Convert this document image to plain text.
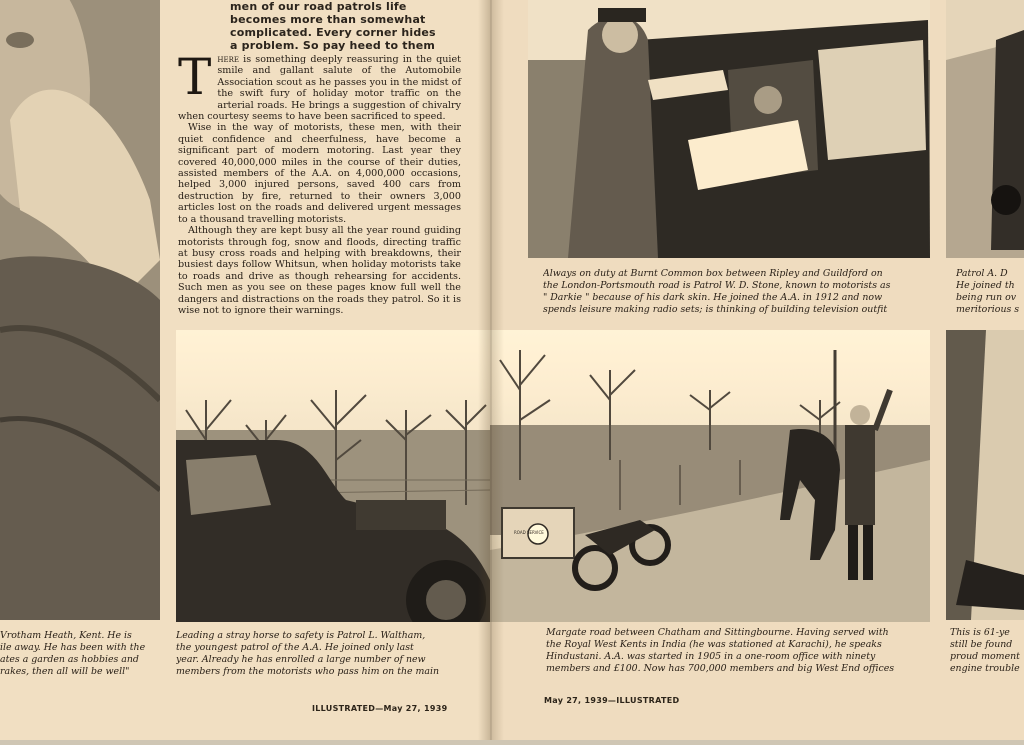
men of our road patrols life
becomes more than somewhat
complicated. Every corner hides
a problem. So pay heed to them

There is something deeply reassuring in the quiet smile and gallant salute of the Automobile Association scout as he passes you in the midst of the swift fury of holiday motor traffic on the arterial roads. He brings a suggestion of chivalry when courtesy seems to have been sacrificed to speed.

Wise in the way of motorists, these men, with their quiet confidence and cheerfulness, have become a significant part of modern motoring. Last year they covered 40,000,000 miles in the course of their duties, assisted members of the A.A. on 4,000,000 occasions, helped 3,000 injured persons, saved 400 cars from destruction by fire, returned to their owners 3,000 articles lost on the roads and delivered urgent messages to a thousand travelling motorists.

Although they are kept busy all the year round guiding motorists through fog, snow and floods, directing traffic at busy cross roads and helping with breakdowns, their busiest days follow Whitsun, when holiday motorists take to roads and drive as though rehearsing for accidents. Such men as you see on these pages know full well the dangers and distractions on the roads they patrol. So it is wise not to ignore their warnings.

Vrotham Heath, Kent. He is
ile away. He has been with the
ates a garden as hobbies and
rakes, then all will be well"
Leading a stray horse to safety is Patrol L. Waltham,
the youngest patrol of the A.A. He joined only last
year. Already he has enrolled a large number of new
members from the motorists who pass him on the main
ILLUSTRATED—May 27, 1939
Always on duty at Burnt Common box between Ripley and Guildford on
the London-Portsmouth road is Patrol W. D. Stone, known to motorists as
" Darkie " because of his dark skin. He joined the A.A. in 1912 and now
spends leisure making radio sets; is thinking of building television outfit
Patrol A. D
He joined th
being run ov
meritorious s
ROAD SERVICE
Margate road between Chatham and Sittingbourne. Having served with
the Royal West Kents in India (he was stationed at Karachi), he speaks
Hindustani. A.A. was started in 1905 in a one-room office with ninety
members and £100. Now has 700,000 members and big West End offices
This is 61-ye
still be found
proud moment
engine trouble
May 27, 1939—ILLUSTRATED
